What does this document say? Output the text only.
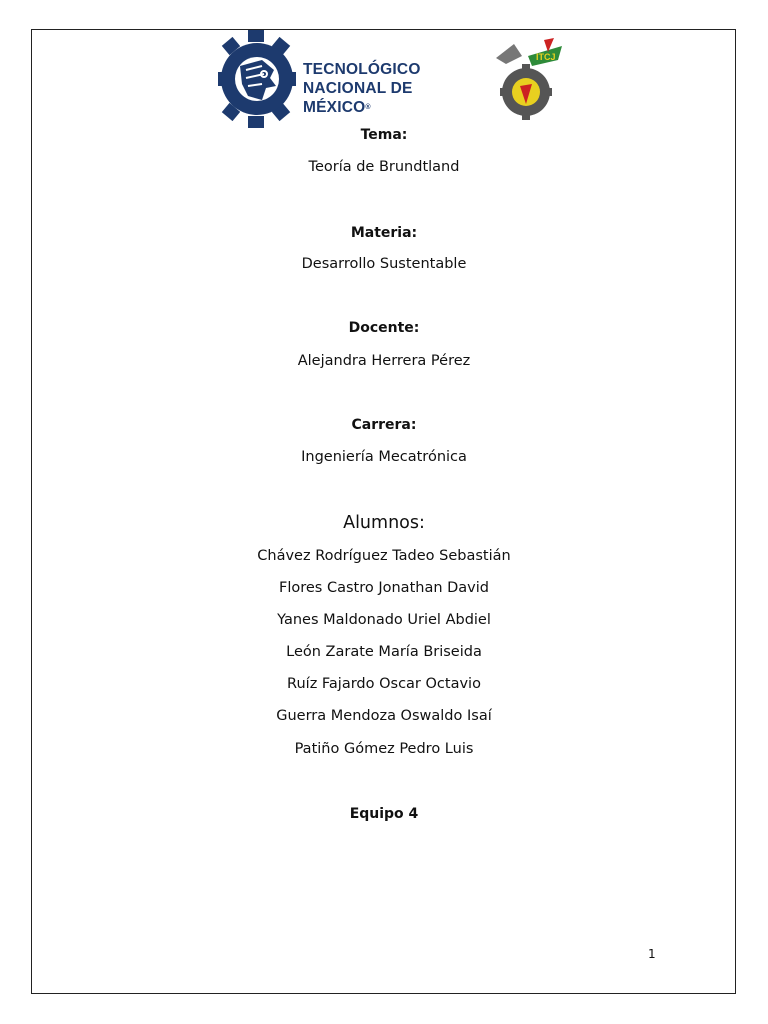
TECNOLÓGICO
NACIONAL DE MÉXICO®
ITCJ
Tema:
Teoría de Brundtland
Materia:
Desarrollo Sustentable
Docente:
Alejandra Herrera Pérez
Carrera:
Ingeniería Mecatrónica
Alumnos:
Chávez Rodríguez Tadeo Sebastián
Flores Castro Jonathan David
Yanes Maldonado Uriel Abdiel
León Zarate María Briseida
Ruíz Fajardo Oscar Octavio
Guerra Mendoza Oswaldo Isaí
Patiño Gómez Pedro Luis
Equipo 4
1
